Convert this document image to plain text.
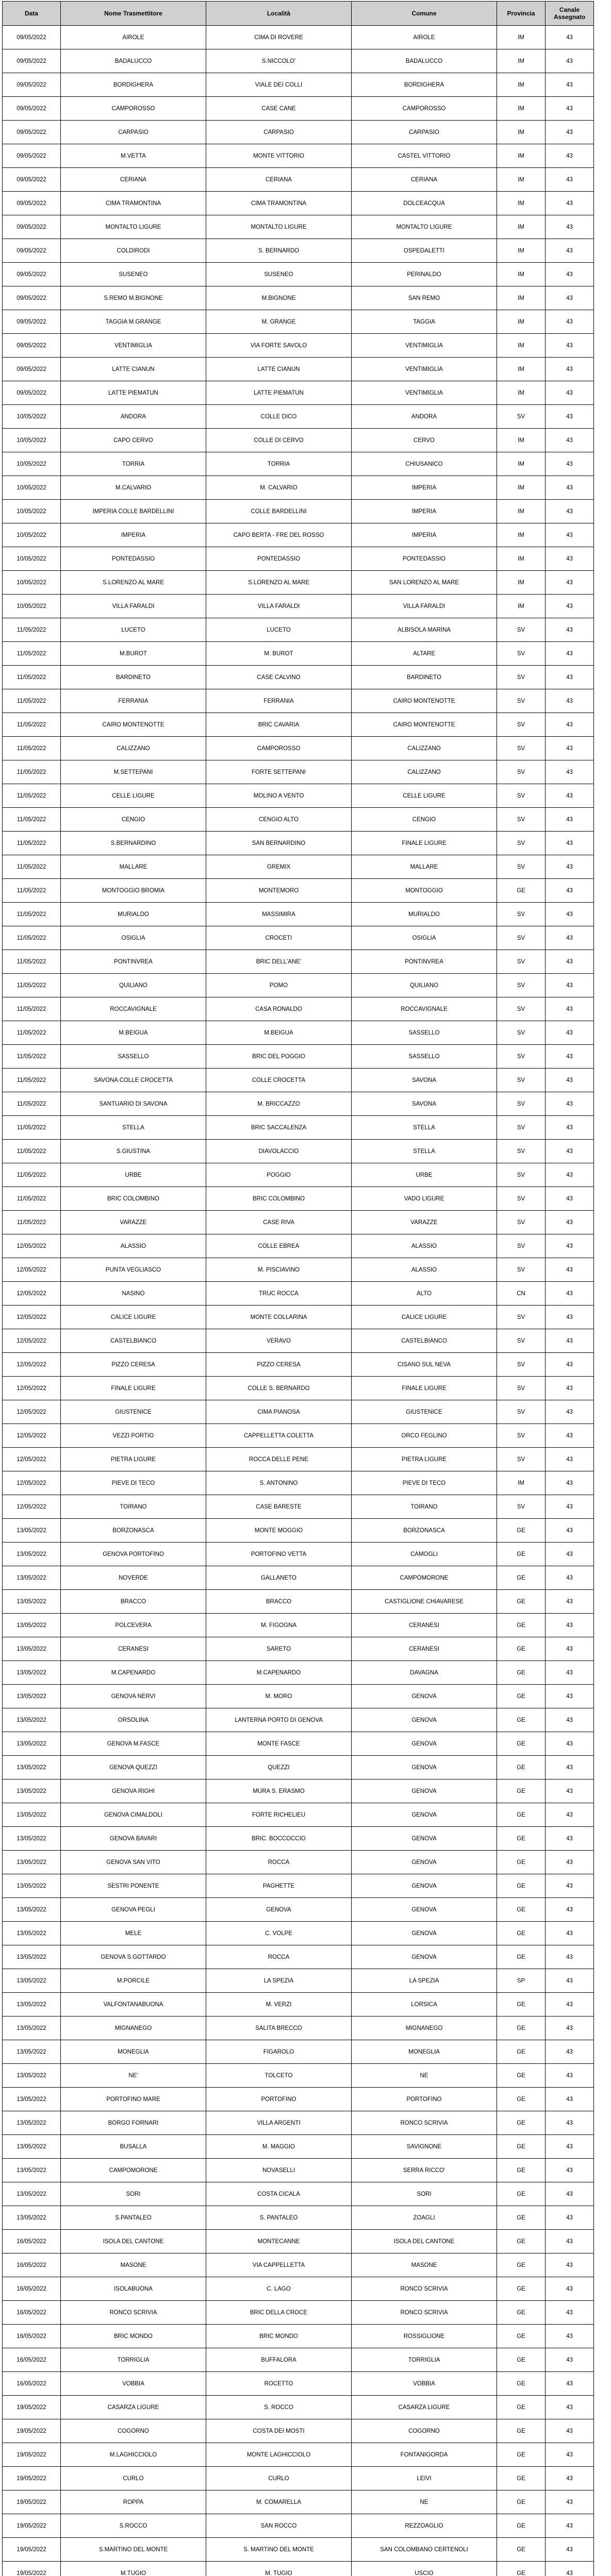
Data	Nome Trasmettitore	Località	Comune	Provincia	Canale Assegnato
09/05/2022	AIROLE	CIMA DI ROVERE	AIROLE	IM	43
09/05/2022	BADALUCCO	S.NICCOLO'	BADALUCCO	IM	43
09/05/2022	BORDIGHERA	VIALE DEI COLLI	BORDIGHERA	IM	43
09/05/2022	CAMPOROSSO	CASE CANE	CAMPOROSSO	IM	43
09/05/2022	CARPASIO	CARPASIO	CARPASIO	IM	43
09/05/2022	M.VETTA	MONTE VITTORIO	CASTEL VITTORIO	IM	43
09/05/2022	CERIANA	CERIANA	CERIANA	IM	43
09/05/2022	CIMA TRAMONTINA	CIMA TRAMONTINA	DOLCEACQUA	IM	43
09/05/2022	MONTALTO LIGURE	MONTALTO LIGURE	MONTALTO LIGURE	IM	43
09/05/2022	COLDIRODI	S. BERNARDO	OSPEDALETTI	IM	43
09/05/2022	SUSENEO	SUSENEO	PERINALDO	IM	43
09/05/2022	S.REMO M.BIGNONE	M.BIGNONE	SAN REMO	IM	43
09/05/2022	TAGGIA M.GRANGE	M. GRANGE	TAGGIA	IM	43
09/05/2022	VENTIMIGLIA	VIA FORTE SAVOLO	VENTIMIGLIA	IM	43
09/05/2022	LATTE CIANUN	LATTE CIANUN	VENTIMIGLIA	IM	43
09/05/2022	LATTE PIEMATUN	LATTE PIEMATUN	VENTIMIGLIA	IM	43
10/05/2022	ANDORA	COLLE DICO	ANDORA	SV	43
10/05/2022	CAPO CERVO	COLLE DI CERVO	CERVO	IM	43
10/05/2022	TORRIA	TORRIA	CHIUSANICO	IM	43
10/05/2022	M.CALVARIO	M. CALVARIO	IMPERIA	IM	43
10/05/2022	IMPERIA COLLE BARDELLINI	COLLE BARDELLINI	IMPERIA	IM	43
10/05/2022	IMPERIA	CAPO BERTA - FRE DEL ROSSO	IMPERIA	IM	43
10/05/2022	PONTEDASSIO	PONTEDASSIO	PONTEDASSIO	IM	43
10/05/2022	S.LORENZO AL MARE	S.LORENZO AL MARE	SAN LORENZO AL MARE	IM	43
10/05/2022	VILLA FARALDI	VILLA FARALDI	VILLA FARALDI	IM	43
11/05/2022	LUCETO	LUCETO	ALBISOLA MARINA	SV	43
11/05/2022	M.BUROT	M. BUROT	ALTARE	SV	43
11/05/2022	BARDINETO	CASE CALVINO	BARDINETO	SV	43
11/05/2022	FERRANIA	FERRANIA	CAIRO MONTENOTTE	SV	43
11/05/2022	CAIRO MONTENOTTE	BRIC CAVARIA	CAIRO MONTENOTTE	SV	43
11/05/2022	CALIZZANO	CAMPOROSSO	CALIZZANO	SV	43
11/05/2022	M.SETTEPANI	FORTE SETTEPANI	CALIZZANO	SV	43
11/05/2022	CELLE LIGURE	MOLINO A VENTO	CELLE LIGURE	SV	43
11/05/2022	CENGIO	CENGIO ALTO	CENGIO	SV	43
11/05/2022	S.BERNARDINO	SAN BERNARDINO	FINALE LIGURE	SV	43
11/05/2022	MALLARE	GREMIX	MALLARE	SV	43
11/05/2022	MONTOGGIO BROMIA	MONTEMORO	MONTOGGIO	GE	43
11/05/2022	MURIALDO	MASSIMIRA	MURIALDO	SV	43
11/05/2022	OSIGLIA	CROCETI	OSIGLIA	SV	43
11/05/2022	PONTINVREA	BRIC DELL'ANE'	PONTINVREA	SV	43
11/05/2022	QUILIANO	POMO	QUILIANO	SV	43
11/05/2022	ROCCAVIGNALE	CASA RONALDO	ROCCAVIGNALE	SV	43
11/05/2022	M.BEIGUA	M.BEIGUA	SASSELLO	SV	43
11/05/2022	SASSELLO	BRIC DEL POGGIO	SASSELLO	SV	43
11/05/2022	SAVONA COLLE CROCETTA	COLLE CROCETTA	SAVONA	SV	43
11/05/2022	SANTUARIO DI SAVONA	M. BRICCAZZO	SAVONA	SV	43
11/05/2022	STELLA	BRIC SACCALENZA	STELLA	SV	43
11/05/2022	S.GIUSTINA	DIAVOLACCIO	STELLA	SV	43
11/05/2022	URBE	POGGIO	URBE	SV	43
11/05/2022	BRIC COLOMBINO	BRIC COLOMBINO	VADO LIGURE	SV	43
11/05/2022	VARAZZE	CASE RIVA	VARAZZE	SV	43
12/05/2022	ALASSIO	COLLE EBREA	ALASSIO	SV	43
12/05/2022	PUNTA VEGLIASCO	M. PISCIAVINO	ALASSIO	SV	43
12/05/2022	NASINO	TRUC ROCCA	ALTO	CN	43
12/05/2022	CALICE LIGURE	MONTE COLLARINA	CALICE LIGURE	SV	43
12/05/2022	CASTELBIANCO	VERAVO	CASTELBIANCO	SV	43
12/05/2022	PIZZO CERESA	PIZZO CERESA	CISANO SUL NEVA	SV	43
12/05/2022	FINALE LIGURE	COLLE S. BERNARDO	FINALE LIGURE	SV	43
12/05/2022	GIUSTENICE	CIMA PIANOSA	GIUSTENICE	SV	43
12/05/2022	VEZZI PORTIO	CAPPELLETTA COLETTA	ORCO FEGLINO	SV	43
12/05/2022	PIETRA LIGURE	ROCCA DELLE PENE	PIETRA LIGURE	SV	43
12/05/2022	PIEVE DI TECO	S. ANTONINO	PIEVE DI TECO	IM	43
12/05/2022	TOIRANO	CASE BARESTE	TOIRANO	SV	43
13/05/2022	BORZONASCA	MONTE MOGGIO	BORZONASCA	GE	43
13/05/2022	GENOVA PORTOFINO	PORTOFINO VETTA	CAMOGLI	GE	43
13/05/2022	NOVERDE	GALLANETO	CAMPOMORONE	GE	43
13/05/2022	BRACCO	BRACCO	CASTIGLIONE CHIAVARESE	GE	43
13/05/2022	POLCEVERA	M. FIGOGNA	CERANESI	GE	43
13/05/2022	CERANESI	SARETO	CERANESI	GE	43
13/05/2022	M.CAPENARDO	M.CAPENARDO	DAVAGNA	GE	43
13/05/2022	GENOVA NERVI	M. MORO	GENOVA	GE	43
13/05/2022	ORSOLINA	LANTERNA PORTO DI GENOVA	GENOVA	GE	43
13/05/2022	GENOVA M.FASCE	MONTE FASCE	GENOVA	GE	43
13/05/2022	GENOVA QUEZZI	QUEZZI	GENOVA	GE	43
13/05/2022	GENOVA RIGHI	MURA S. ERASMO	GENOVA	GE	43
13/05/2022	GENOVA CIMALDOLI	FORTE RICHELIEU	GENOVA	GE	43
13/05/2022	GENOVA BAVARI	BRIC. BOCCOCCIO	GENOVA	GE	43
13/05/2022	GENOVA SAN VITO	ROCCA	GENOVA	GE	43
13/05/2022	SESTRI PONENTE	PAGHETTE	GENOVA	GE	43
13/05/2022	GENOVA PEGLI	GENOVA	GENOVA	GE	43
13/05/2022	MELE	C. VOLPE	GENOVA	GE	43
13/05/2022	GENOVA S.GOTTARDO	ROCCA	GENOVA	GE	43
13/05/2022	M.PORCILE	LA SPEZIA	LA SPEZIA	SP	43
13/05/2022	VALFONTANABUONA	M. VERZI	LORSICA	GE	43
13/05/2022	MIGNANEGO	SALITA BRECCO	MIGNANEGO	GE	43
13/05/2022	MONEGLIA	FIGAROLO	MONEGLIA	GE	43
13/05/2022	NE'	TOLCETO	NE	GE	43
13/05/2022	PORTOFINO MARE	PORTOFINO	PORTOFINO	GE	43
13/05/2022	BORGO FORNARI	VILLA ARGENTI	RONCO SCRIVIA	GE	43
13/05/2022	BUSALLA	M. MAGGIO	SAVIGNONE	GE	43
13/05/2022	CAMPOMORONE	NOVASELLI	SERRA RICCO'	GE	43
13/05/2022	SORI	COSTA CICALA	SORI	GE	43
13/05/2022	S.PANTALEO	S. PANTALEO	ZOAGLI	GE	43
16/05/2022	ISOLA DEL CANTONE	MONTECANNE	ISOLA DEL CANTONE	GE	43
16/05/2022	MASONE	VIA CAPPELLETTA	MASONE	GE	43
16/05/2022	ISOLABUONA	C. LAGO	RONCO SCRIVIA	GE	43
16/05/2022	RONCO SCRIVIA	BRIC DELLA CROCE	RONCO SCRIVIA	GE	43
16/05/2022	BRIC MONDO	BRIC MONDO	ROSSIGLIONE	GE	43
16/05/2022	TORRIGLIA	BUFFALORA	TORRIGLIA	GE	43
16/05/2022	VOBBIA	ROCETTO	VOBBIA	GE	43
19/05/2022	CASARZA LIGURE	S. ROCCO	CASARZA LIGURE	GE	43
19/05/2022	COGORNO	COSTA DEI MOSTI	COGORNO	GE	43
19/05/2022	M.LAGHICCIOLO	MONTE LAGHICCIOLO	FONTANIGORDA	GE	43
19/05/2022	CURLO	CURLO	LEIVI	GE	43
19/05/2022	ROPPA	M. COMARELLA	NE	GE	43
19/05/2022	S.ROCCO	SAN ROCCO	REZZOAGLIO	GE	43
19/05/2022	S.MARTINO DEL MONTE	S. MARTINO DEL MONTE	SAN COLOMBANO CERTENOLI	GE	43
19/05/2022	M.TUGIO	M. TUGIO	USCIO	GE	43
